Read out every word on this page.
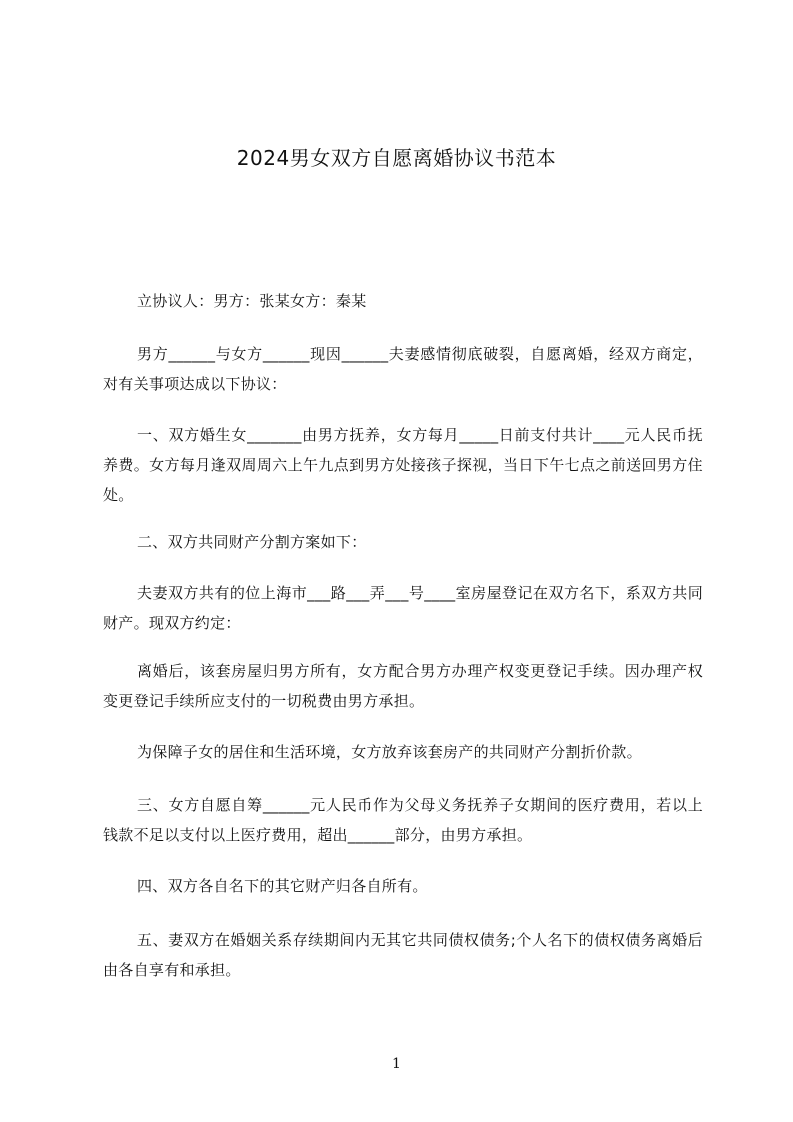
2024男女双方自愿离婚协议书范本
立协议人：男方：张某女方：秦某
男方______与女方______现因______夫妻感情彻底破裂，自愿离婚，经双方商定，对有关事项达成以下协议：
一、双方婚生女_______由男方抚养，女方每月_____日前支付共计____元人民币抚养费。女方每月逢双周周六上午九点到男方处接孩子探视，当日下午七点之前送回男方住处。
二、双方共同财产分割方案如下：
夫妻双方共有的位上海市___路___弄___号____室房屋登记在双方名下，系双方共同财产。现双方约定：
离婚后，该套房屋归男方所有，女方配合男方办理产权变更登记手续。因办理产权变更登记手续所应支付的一切税费由男方承担。
为保障子女的居住和生活环境，女方放弃该套房产的共同财产分割折价款。
三、女方自愿自筹______元人民币作为父母义务抚养子女期间的医疗费用，若以上钱款不足以支付以上医疗费用，超出______部分，由男方承担。
四、双方各自名下的其它财产归各自所有。
五、妻双方在婚姻关系存续期间内无其它共同债权债务;个人名下的债权债务离婚后由各自享有和承担。
1
